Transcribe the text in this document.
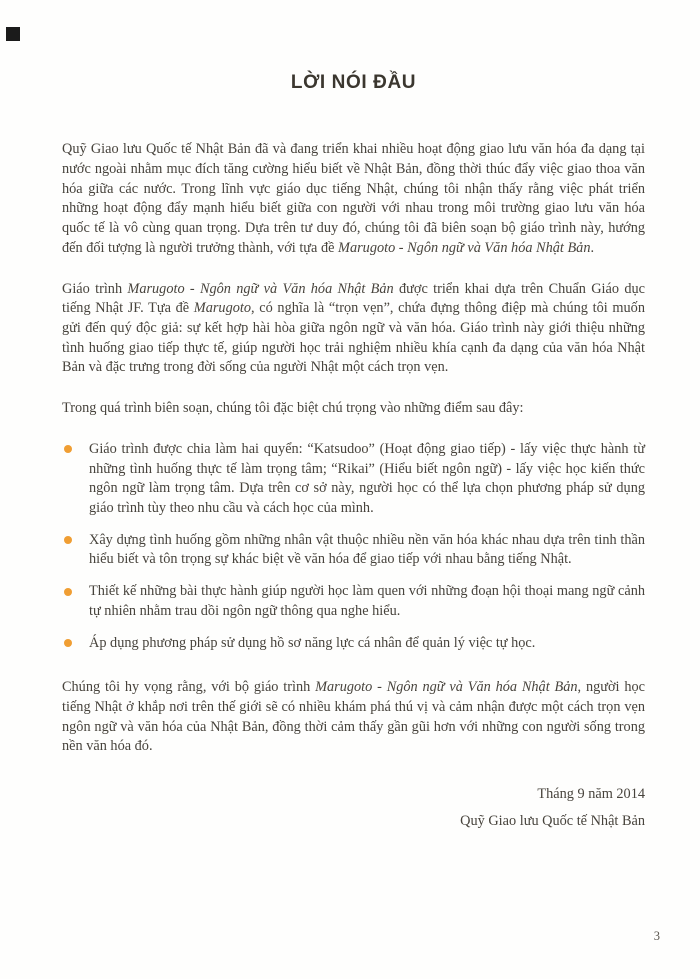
LỜI NÓI ĐẦU

Quỹ Giao lưu Quốc tế Nhật Bản đã và đang triển khai nhiều hoạt động giao lưu văn hóa đa dạng tại nước ngoài nhằm mục đích tăng cường hiểu biết về Nhật Bản, đồng thời thúc đẩy việc giao thoa văn hóa giữa các nước. Trong lĩnh vực giáo dục tiếng Nhật, chúng tôi nhận thấy rằng việc phát triển những hoạt động đẩy mạnh hiểu biết giữa con người với nhau trong môi trường giao lưu văn hóa quốc tế là vô cùng quan trọng. Dựa trên tư duy đó, chúng tôi đã biên soạn bộ giáo trình này, hướng đến đối tượng là người trưởng thành, với tựa đề Marugoto - Ngôn ngữ và Văn hóa Nhật Bản.

Giáo trình Marugoto - Ngôn ngữ và Văn hóa Nhật Bản được triển khai dựa trên Chuẩn Giáo dục tiếng Nhật JF. Tựa đề Marugoto, có nghĩa là “trọn vẹn”, chứa đựng thông điệp mà chúng tôi muốn gửi đến quý độc giả: sự kết hợp hài hòa giữa ngôn ngữ và văn hóa. Giáo trình này giới thiệu những tình huống giao tiếp thực tế, giúp người học trải nghiệm nhiều khía cạnh đa dạng của văn hóa Nhật Bản và đặc trưng trong đời sống của người Nhật một cách trọn vẹn.

Trong quá trình biên soạn, chúng tôi đặc biệt chú trọng vào những điểm sau đây:

Giáo trình được chia làm hai quyển: “Katsudoo” (Hoạt động giao tiếp) - lấy việc thực hành từ những tình huống thực tế làm trọng tâm; “Rikai” (Hiểu biết ngôn ngữ) - lấy việc học kiến thức ngôn ngữ làm trọng tâm. Dựa trên cơ sở này, người học có thể lựa chọn phương pháp sử dụng giáo trình tùy theo nhu cầu và cách học của mình.
Xây dựng tình huống gồm những nhân vật thuộc nhiều nền văn hóa khác nhau dựa trên tinh thần hiểu biết và tôn trọng sự khác biệt về văn hóa để giao tiếp với nhau bằng tiếng Nhật.
Thiết kế những bài thực hành giúp người học làm quen với những đoạn hội thoại mang ngữ cảnh tự nhiên nhằm trau dồi ngôn ngữ thông qua nghe hiểu.
Áp dụng phương pháp sử dụng hồ sơ năng lực cá nhân để quản lý việc tự học.

Chúng tôi hy vọng rằng, với bộ giáo trình Marugoto - Ngôn ngữ và Văn hóa Nhật Bản, người học tiếng Nhật ở khắp nơi trên thế giới sẽ có nhiều khám phá thú vị và cảm nhận được một cách trọn vẹn ngôn ngữ và văn hóa của Nhật Bản, đồng thời cảm thấy gần gũi hơn với những con người sống trong nền văn hóa đó.

Tháng 9 năm 2014
Quỹ Giao lưu Quốc tế Nhật Bản
3
